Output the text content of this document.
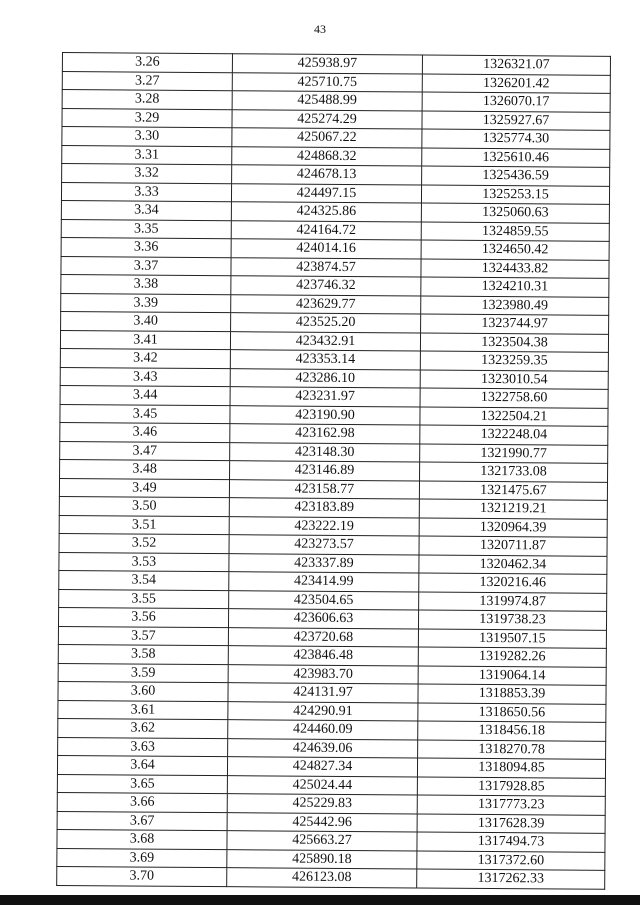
43
3.26	425938.97	1326321.07
3.27	425710.75	1326201.42
3.28	425488.99	1326070.17
3.29	425274.29	1325927.67
3.30	425067.22	1325774.30
3.31	424868.32	1325610.46
3.32	424678.13	1325436.59
3.33	424497.15	1325253.15
3.34	424325.86	1325060.63
3.35	424164.72	1324859.55
3.36	424014.16	1324650.42
3.37	423874.57	1324433.82
3.38	423746.32	1324210.31
3.39	423629.77	1323980.49
3.40	423525.20	1323744.97
3.41	423432.91	1323504.38
3.42	423353.14	1323259.35
3.43	423286.10	1323010.54
3.44	423231.97	1322758.60
3.45	423190.90	1322504.21
3.46	423162.98	1322248.04
3.47	423148.30	1321990.77
3.48	423146.89	1321733.08
3.49	423158.77	1321475.67
3.50	423183.89	1321219.21
3.51	423222.19	1320964.39
3.52	423273.57	1320711.87
3.53	423337.89	1320462.34
3.54	423414.99	1320216.46
3.55	423504.65	1319974.87
3.56	423606.63	1319738.23
3.57	423720.68	1319507.15
3.58	423846.48	1319282.26
3.59	423983.70	1319064.14
3.60	424131.97	1318853.39
3.61	424290.91	1318650.56
3.62	424460.09	1318456.18
3.63	424639.06	1318270.78
3.64	424827.34	1318094.85
3.65	425024.44	1317928.85
3.66	425229.83	1317773.23
3.67	425442.96	1317628.39
3.68	425663.27	1317494.73
3.69	425890.18	1317372.60
3.70	426123.08	1317262.33
